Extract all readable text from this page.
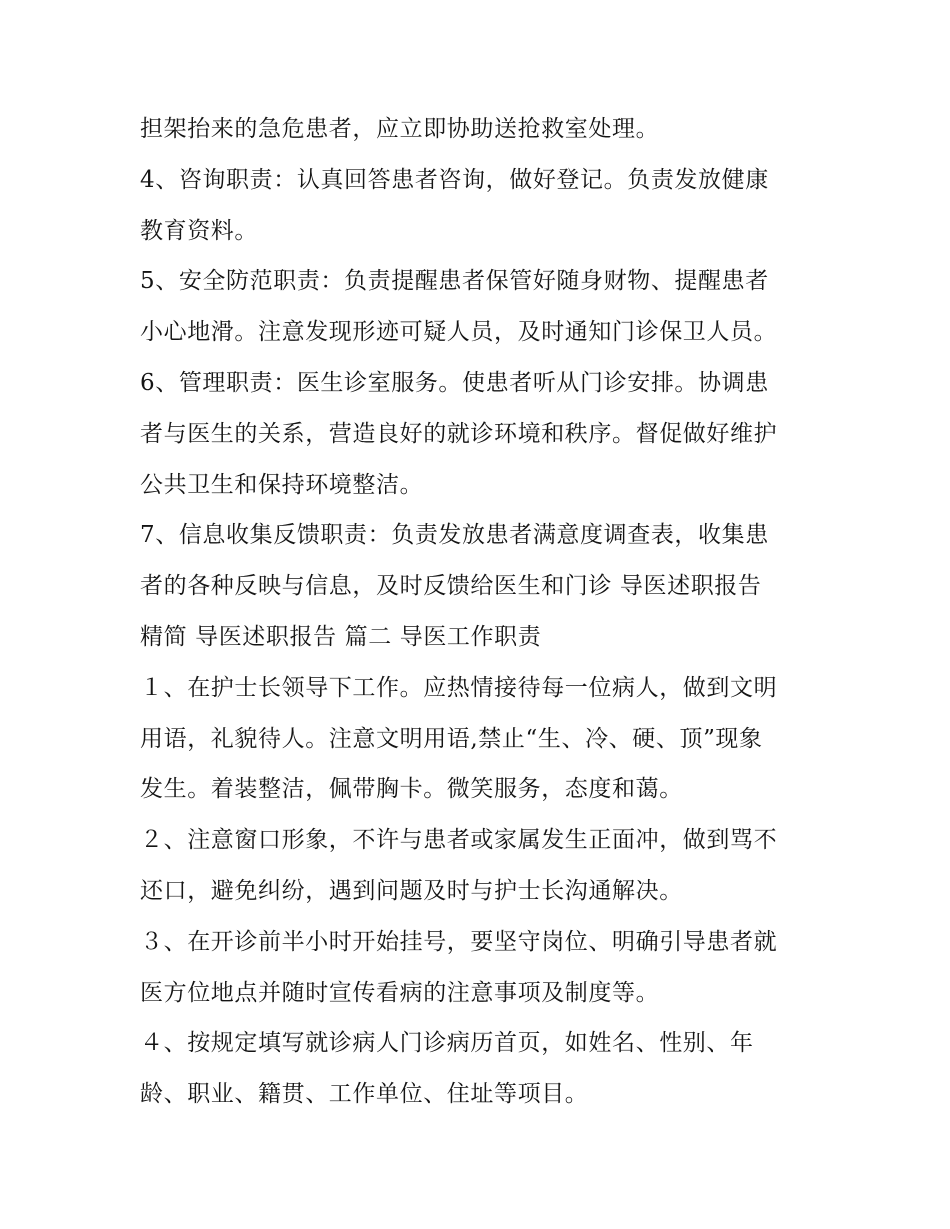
担架抬来的急危患者，应立即协助送抢救室处理。
4、咨询职责：认真回答患者咨询，做好登记。负责发放健康
教育资料。
5、安全防范职责：负责提醒患者保管好随身财物、提醒患者
小心地滑。注意发现形迹可疑人员，及时通知门诊保卫人员。
6、管理职责：医生诊室服务。使患者听从门诊安排。协调患
者与医生的关系，营造良好的就诊环境和秩序。督促做好维护
公共卫生和保持环境整洁。
7、信息收集反馈职责：负责发放患者满意度调查表，收集患
者的各种反映与信息，及时反馈给医生和门诊 导医述职报告
精简 导医述职报告 篇二 导医工作职责
１、在护士长领导下工作。应热情接待每一位病人，做到文明
用语，礼貌待人。注意文明用语,禁止“生、冷、硬、顶”现象
发生。着装整洁，佩带胸卡。微笑服务，态度和蔼。
２、注意窗口形象，不许与患者或家属发生正面冲，做到骂不
还口，避免纠纷，遇到问题及时与护士长沟通解决。
３、在开诊前半小时开始挂号，要坚守岗位、明确引导患者就
医方位地点并随时宣传看病的注意事项及制度等。
４、按规定填写就诊病人门诊病历首页，如姓名、性别、年
龄、职业、籍贯、工作单位、住址等项目。
